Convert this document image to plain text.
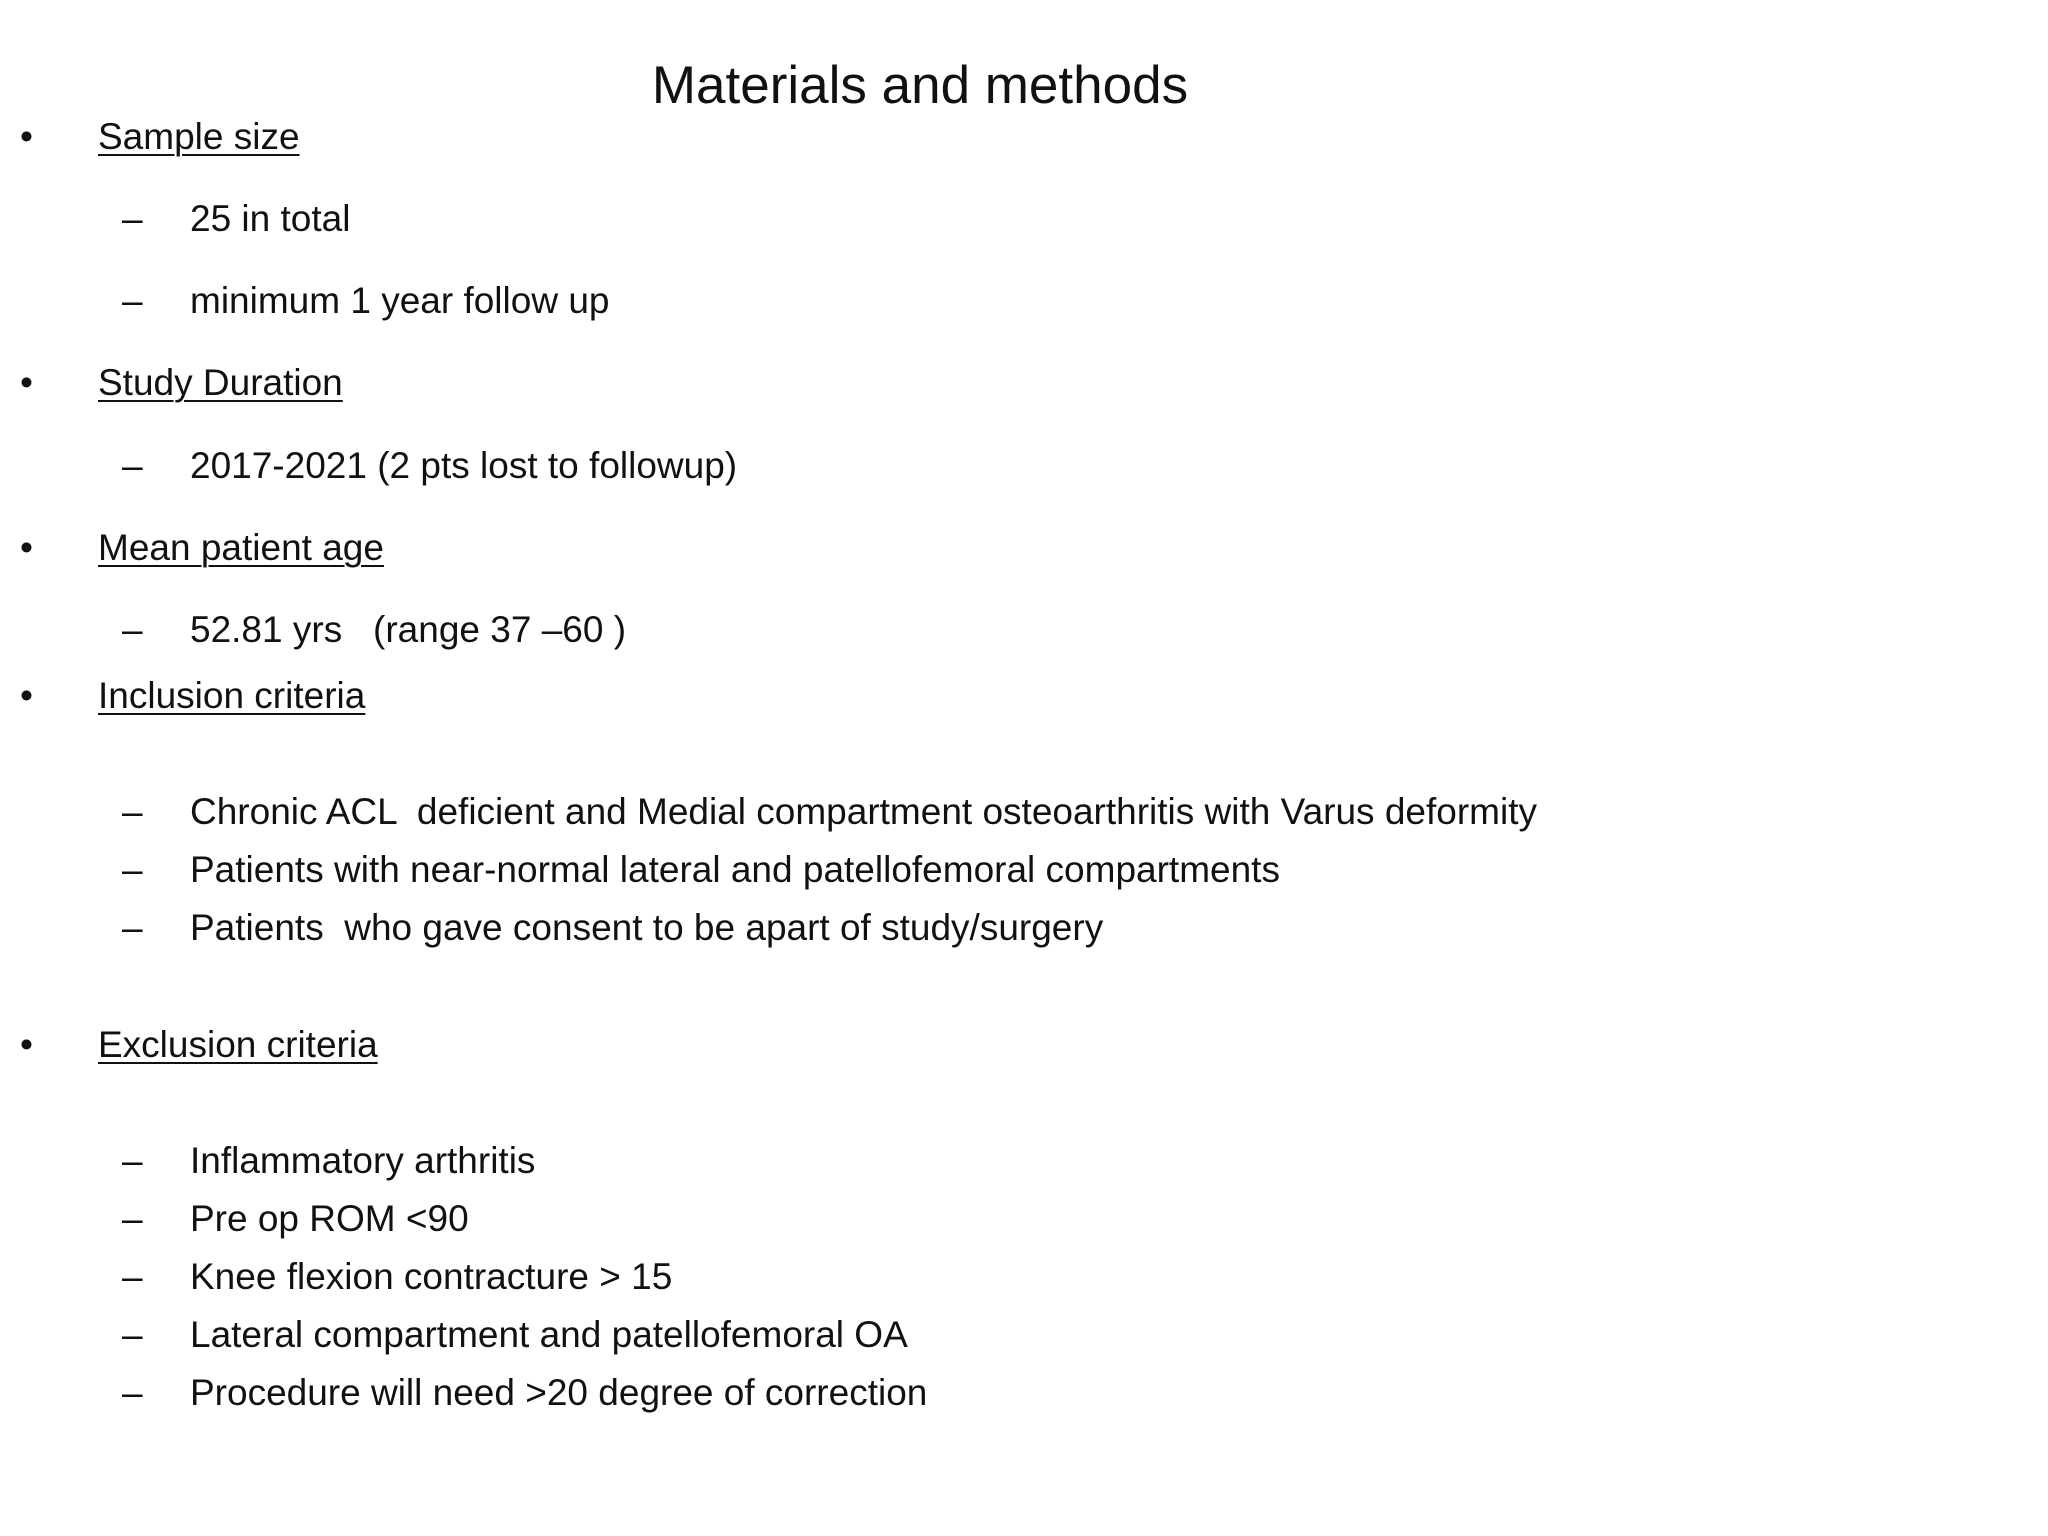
Materials and methods
• Sample size
– 25 in total
– minimum 1 year follow up
• Study Duration
– 2017-2021 (2 pts lost to followup)
• Mean patient age
– 52.81 yrs   (range 37 –60 )
• Inclusion criteria
– Chronic ACL  deficient and Medial compartment osteoarthritis with Varus deformity
– Patients with near-normal lateral and patellofemoral compartments
– Patients  who gave consent to be apart of study/surgery
• Exclusion criteria
– Inflammatory arthritis
– Pre op ROM <90
– Knee flexion contracture > 15
– Lateral compartment and patellofemoral OA
– Procedure will need >20 degree of correction
